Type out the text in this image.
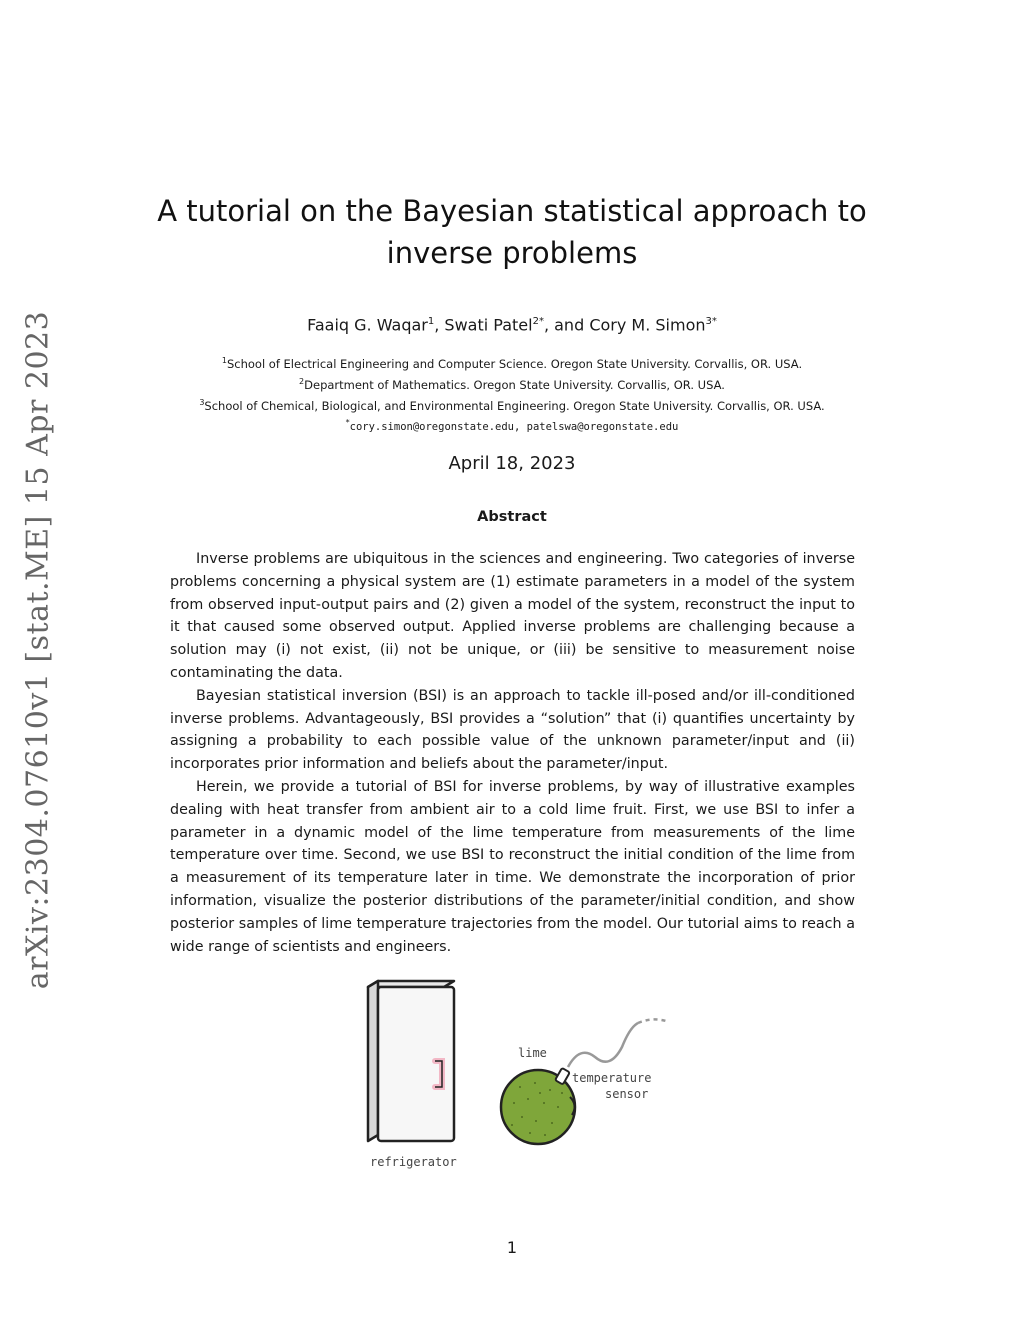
arXiv:2304.07610v1 [stat.ME] 15 Apr 2023
A tutorial on the Bayesian statistical approach to inverse problems
Faaiq G. Waqar$^1$, Swati Patel$^{2*}$, and Cory M. Simon$^{3*}$
$^1$School of Electrical Engineering and Computer Science. Oregon State University. Corvallis, OR. USA.
$^2$Department of Mathematics. Oregon State University. Corvallis, OR. USA.
$^3$School of Chemical, Biological, and Environmental Engineering. Oregon State University. Corvallis, OR. USA.
*cory.simon@oregonstate.edu, patelswa@oregonstate.edu
April 18, 2023
Abstract

Inverse problems are ubiquitous in the sciences and engineering. Two categories of inverse problems concerning a physical system are (1) estimate parameters in a model of the system from observed input-output pairs and (2) given a model of the system, reconstruct the input to it that caused some observed output. Applied inverse problems are challenging because a solution may (i) not exist, (ii) not be unique, or (iii) be sensitive to measurement noise contaminating the data.

Bayesian statistical inversion (BSI) is an approach to tackle ill-posed and/or ill-conditioned inverse problems. Advantageously, BSI provides a “solution” that (i) quantifies uncertainty by assigning a probability to each possible value of the unknown parameter/input and (ii) incorporates prior information and beliefs about the parameter/input.

Herein, we provide a tutorial of BSI for inverse problems, by way of illustrative examples dealing with heat transfer from ambient air to a cold lime fruit. First, we use BSI to infer a parameter in a dynamic model of the lime temperature from measurements of the lime temperature over time. Second, we use BSI to reconstruct the initial condition of the lime from a measurement of its temperature later in time. We demonstrate the incorporation of prior information, visualize the posterior distributions of the parameter/initial condition, and show posterior samples of lime temperature trajectories from the model. Our tutorial aims to reach a wide range of scientists and engineers.

refrigerator
lime
temperature
sensor
1
